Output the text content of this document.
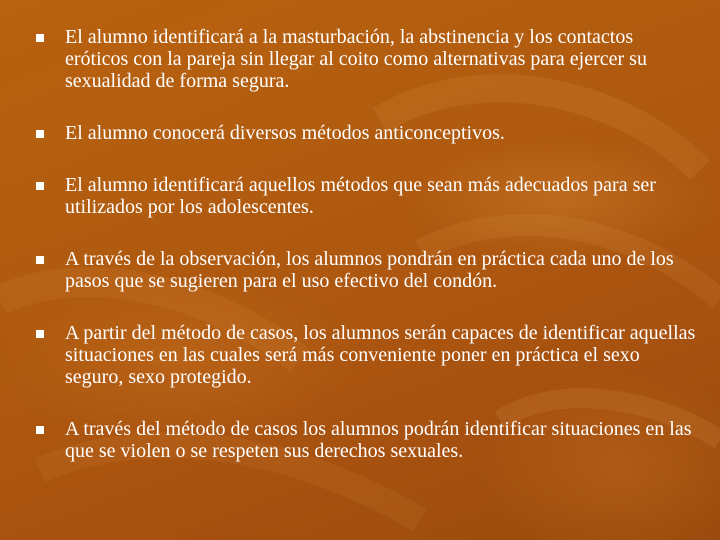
El alumno identificará a la masturbación, la abstinencia y los contactos eróticos con la pareja sin llegar al coito como alternativas para ejercer su sexualidad de forma segura.
El alumno conocerá diversos métodos anticonceptivos.
El alumno identificará aquellos métodos que sean más adecuados para ser utilizados por los adolescentes.
A través de la observación, los alumnos pondrán en práctica cada uno de los pasos que se sugieren para el uso efectivo del condón.
A partir del método de casos, los alumnos serán capaces de identificar aquellas situaciones en las cuales será más conveniente poner en práctica el sexo seguro, sexo protegido.
A través del método de casos los alumnos podrán identificar situaciones en las que se violen o se respeten sus derechos sexuales.
